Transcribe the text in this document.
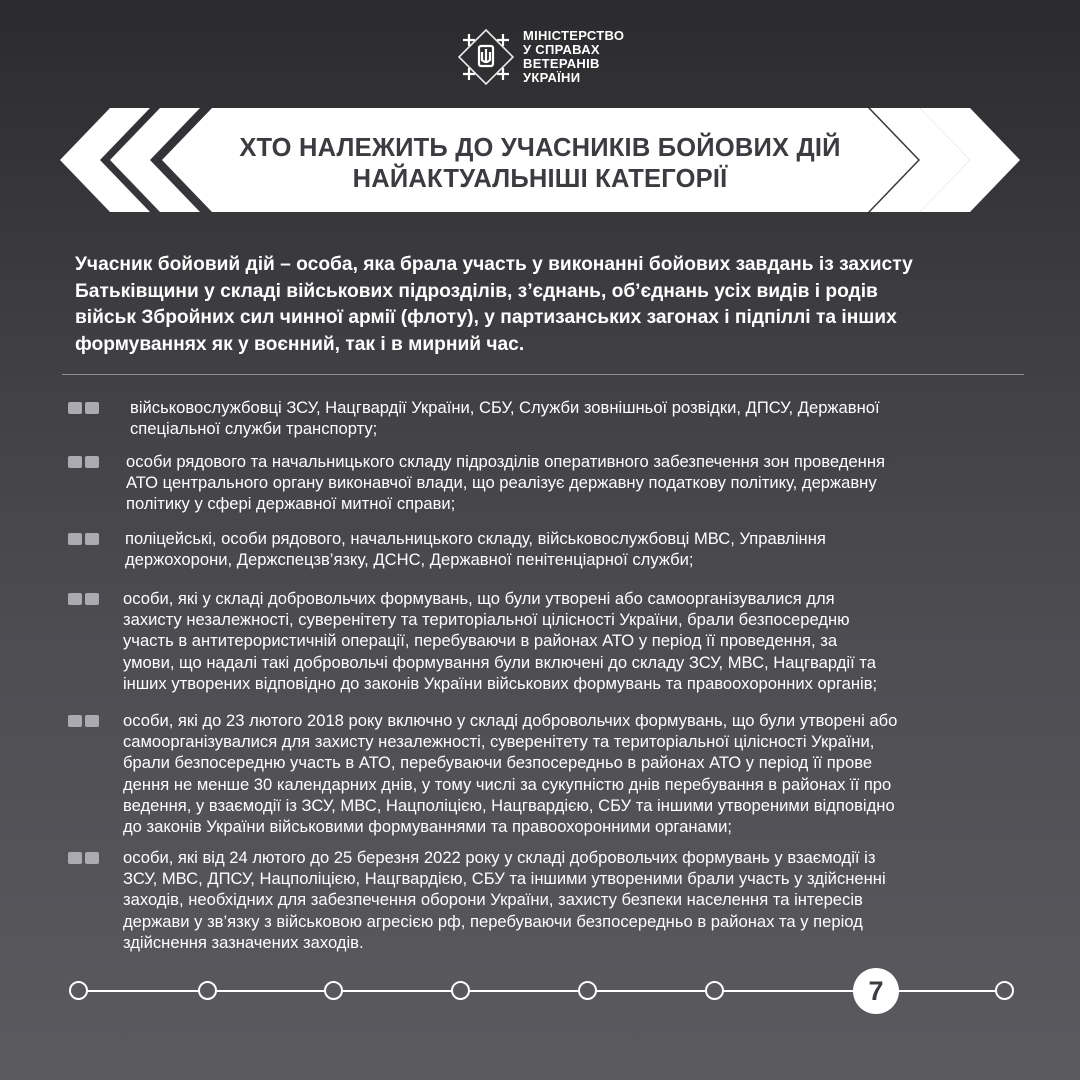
МІНІСТЕРСТВО
У СПРАВАХ
ВЕТЕРАНІВ
УКРАЇНИ
ХТО НАЛЕЖИТЬ ДО УЧАСНИКІВ БОЙОВИХ ДІЙ
НАЙАКТУАЛЬНІШІ КАТЕГОРІЇ
Учасник бойовий дій – особа, яка брала участь у виконанні бойових завдань із захисту
Батьківщини у складі військових підрозділів, з’єднань, об’єднань усіх видів і родів
військ Збройних сил чинної армії (флоту), у партизанських загонах і підпіллі та інших
формуваннях як у воєнний, так і в мирний час.
військовослужбовці ЗСУ, Нацгвардії України, СБУ, Служби зовнішньої розвідки, ДПСУ, Державної
спеціальної служби транспорту;
особи рядового та начальницького складу підрозділів оперативного забезпечення зон проведення
АТО центрального органу виконавчої влади, що реалізує державну податкову політику, державну
політику у сфері державної митної справи;
поліцейські, особи рядового, начальницького складу, військовослужбовці МВС, Управління
держохорони, Держспецзв’язку, ДСНС, Державної пенітенціарної служби;
особи, які у складі добровольчих формувань, що були утворені або самоорганізувалися для
захисту незалежності, суверенітету та територіальної цілісності України, брали безпосередню
участь в антитерористичній операції, перебуваючи в районах АТО у період її проведення, за
умови, що надалі такі добровольчі формування були включені до складу ЗСУ, МВС, Нацгвардії та
інших утворених відповідно до законів України військових формувань та правоохоронних органів;
особи, які до 23 лютого 2018 року включно у складі добровольчих формувань, що були утворені або
самоорганізувалися для захисту незалежності, суверенітету та територіальної цілісності України,
брали безпосередню участь в АТО, перебуваючи безпосередньо в районах АТО у період її прове
дення не менше 30 календарних днів, у тому числі за сукупністю днів перебування в районах її про
ведення, у взаємодії із ЗСУ, МВС, Нацполіцією, Нацгвардією, СБУ та іншими утвореними відповідно
до законів України військовими формуваннями та правоохоронними органами;
особи, які від 24 лютого до 25 березня 2022 року у складі добровольчих формувань у взаємодії із
ЗСУ, МВС, ДПСУ, Нацполіцією, Нацгвардією, СБУ та іншими утвореними брали участь у здійсненні
заходів, необхідних для забезпечення оборони України, захисту безпеки населення та інтересів
держави у зв’язку з військовою агресією рф, перебуваючи безпосередньо в районах та у період
здійснення зазначених заходів.
7
